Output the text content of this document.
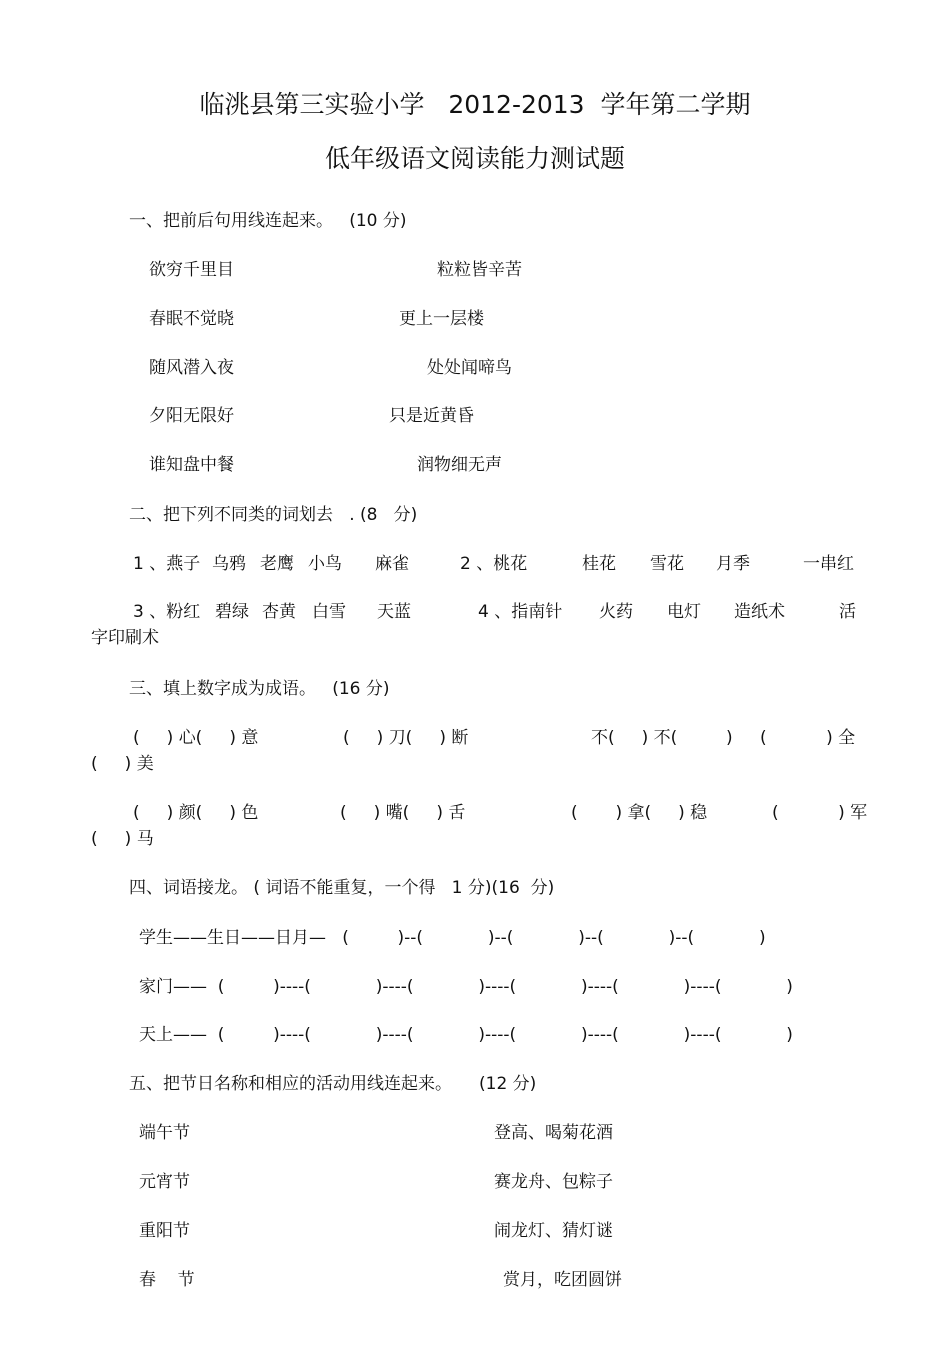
临洮县第三实验小学   2012-2013  学年第二学期
低年级语文阅读能力测试题
一、把前后句用线连起来。   (10 分)
欲穷千里目	粒粒皆辛苦
春眠不觉晓	更上一层楼
随风潜入夜	处处闻啼鸟
夕阳无限好	只是近黄昏
谁知盘中餐	润物细无声
二、把下列不同类的词划去   . (8   分)
1 、燕子 乌鸦 老鹰 小鸟 麻雀	2 、桃花	桂花 雪花 月季	一串红
3 、粉红 碧绿 杏黄 白雪 天蓝	4 、指南针 火药 电灯 造纸术	活
字印刷术
三、填上数字成为成语。   (16 分)
(     ) 心(     ) 意	(     ) 刀(     ) 断	不(     ) 不(         ) (           ) 全
(     ) 美
(     ) 颜(     ) 色	(     ) 嘴(     ) 舌	(       ) 拿(     ) 稳	(           ) 军
(     ) 马
四、词语接龙。 ( 词语不能重复，一个得   1 分)(16  分)
学生——生日——日月—   (         )--(            )--(            )--(            )--(            )
家门——  (         )----(            )----(            )----(            )----(            )----(            )
天上——  (         )----(            )----(            )----(            )----(            )----(            )
五、把节日名称和相应的活动用线连起来。     (12 分)
端午节	登高、喝菊花酒
元宵节	赛龙舟、包粽子
重阳节	闹龙灯、猜灯谜
春    节	赏月，吃团圆饼
